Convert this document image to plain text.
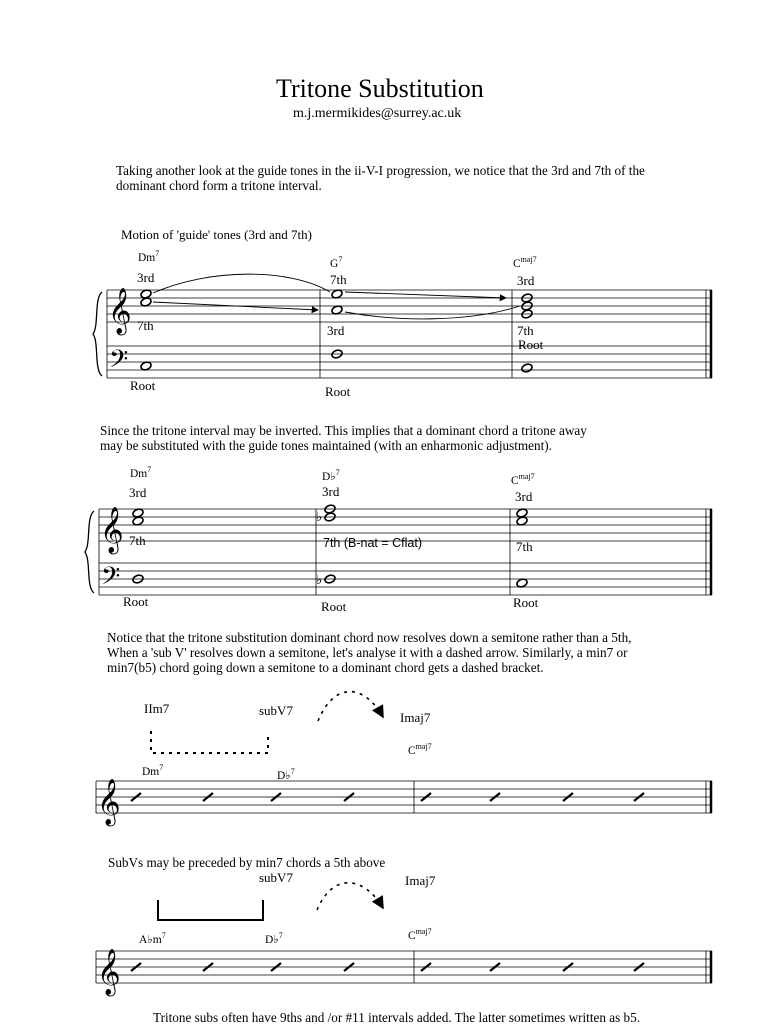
Tritone Substitution
m.j.mermikides@surrey.ac.uk
Taking another look at the guide tones in the ii-V-I progression, we notice that the 3rd and 7th of the
dominant chord form a tritone interval.
Motion of 'guide' tones (3rd and 7th)
Dm$^7$
$G^7$	$C^{maj7}$
3rd
7th
Root
7th
3rd
Root
3rd
7th
Root
Since the tritone interval may be inverted. This implies that a dominant chord a tritone away
may be substituted with the guide tones maintained (with an enharmonic adjustment).
Dm$^7$
D♭$^7$
$C^{maj7}$
3rd
7th
Root
3rd
7th (B-nat = Cflat)
Root
3rd
7th
Root
Notice that the tritone substitution dominant chord now resolves down a semitone rather than a 5th,
When a 'sub V' resolves down a semitone, let's analyse it with a dashed arrow. Similarly, a min7 or
min7(b5) chord going down a semitone to a dominant chord gets a dashed bracket.
IIm7	subV7	Imaj7
Dm$^7$
D♭$^7$
$C^{maj7}$
SubVs may be preceded by min7 chords a 5th above
subV7	Imaj7
$A♭m^7$	D♭$^7$	$C^{maj7}$
Tritone subs often have 9ths and /or #11 intervals added. The latter sometimes written as b5.
𝄞
𝄢
𝄞
𝄢
𝄞
𝄞
♭
♭
